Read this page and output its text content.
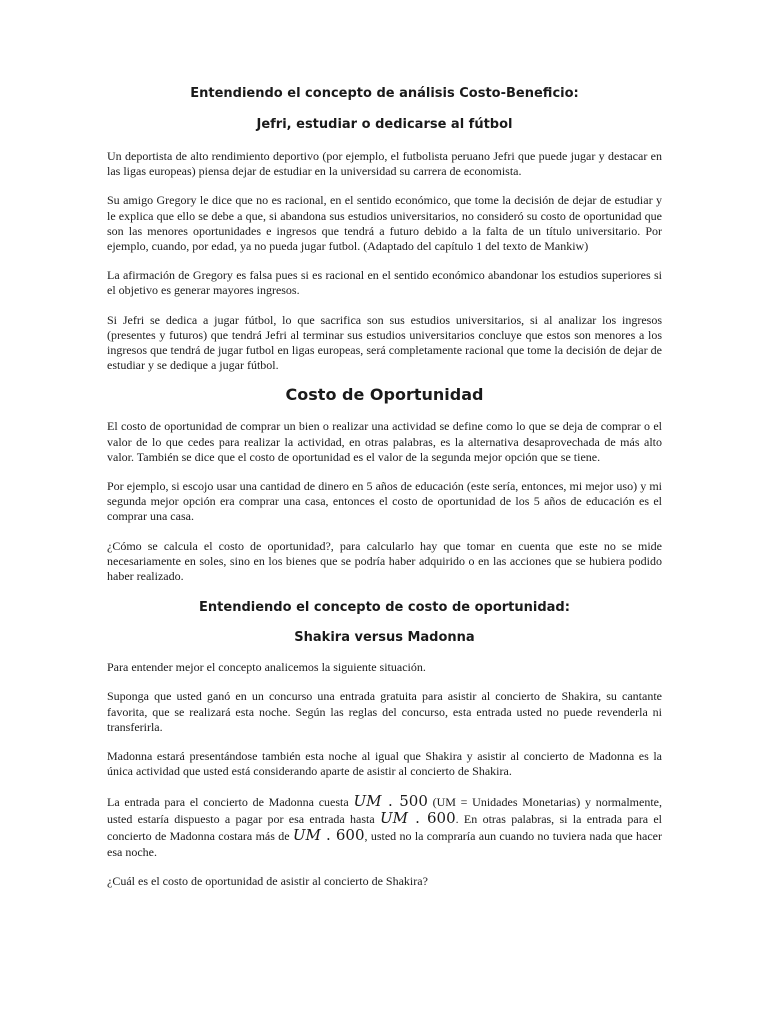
Entendiendo el concepto de análisis Costo-Beneficio:
Jefri, estudiar o dedicarse al fútbol

Un deportista de alto rendimiento deportivo (por ejemplo, el futbolista peruano Jefri que puede jugar y destacar en las ligas europeas) piensa dejar de estudiar en la universidad su carrera de economista.

Su amigo Gregory le dice que no es racional, en el sentido económico, que tome la decisión de dejar de estudiar y le explica que ello se debe a que, si abandona sus estudios universitarios, no consideró su costo de oportunidad que son las menores oportunidades e ingresos que tendrá a futuro debido a la falta de un título universitario. Por ejemplo, cuando, por edad, ya no pueda jugar futbol. (Adaptado del capítulo 1 del texto de Mankiw)

La afirmación de Gregory es falsa pues si es racional en el sentido económico abandonar los estudios superiores si el objetivo es generar mayores ingresos.

Si Jefri se dedica a jugar fútbol, lo que sacrifica son sus estudios universitarios, si al analizar los ingresos (presentes y futuros) que tendrá Jefri al terminar sus estudios universitarios concluye que estos son menores a los ingresos que tendrá de jugar futbol en ligas europeas, será completamente racional que tome la decisión de dejar de estudiar y se dedique a jugar fútbol.

Costo de Oportunidad

El costo de oportunidad de comprar un bien o realizar una actividad se define como lo que se deja de comprar o el valor de lo que cedes para realizar la actividad, en otras palabras, es la alternativa desaprovechada de más alto valor. También se dice que el costo de oportunidad es el valor de la segunda mejor opción que se tiene.

Por ejemplo, si escojo usar una cantidad de dinero en 5 años de educación (este sería, entonces, mi mejor uso) y mi segunda mejor opción era comprar una casa, entonces el costo de oportunidad de los 5 años de educación es el comprar una casa.

¿Cómo se calcula el costo de oportunidad?, para calcularlo hay que tomar en cuenta que este no se mide necesariamente en soles, sino en los bienes que se podría haber adquirido o en las acciones que se hubiera podido haber realizado.

Entendiendo el concepto de costo de oportunidad:
Shakira versus Madonna

Para entender mejor el concepto analicemos la siguiente situación.

Suponga que usted ganó en un concurso una entrada gratuita para asistir al concierto de Shakira, su cantante favorita, que se realizará esta noche. Según las reglas del concurso, esta entrada usted no puede revenderla ni transferirla.

Madonna estará presentándose también esta noche al igual que Shakira y asistir al concierto de Madonna es la única actividad que usted está considerando aparte de asistir al concierto de Shakira.

La entrada para el concierto de Madonna cuesta UM . 500 (UM = Unidades Monetarias) y normalmente, usted estaría dispuesto a pagar por esa entrada hasta UM . 600. En otras palabras, si la entrada para el concierto de Madonna costara más de UM . 600, usted no la compraría aun cuando no tuviera nada que hacer esa noche.

¿Cuál es el costo de oportunidad de asistir al concierto de Shakira?
